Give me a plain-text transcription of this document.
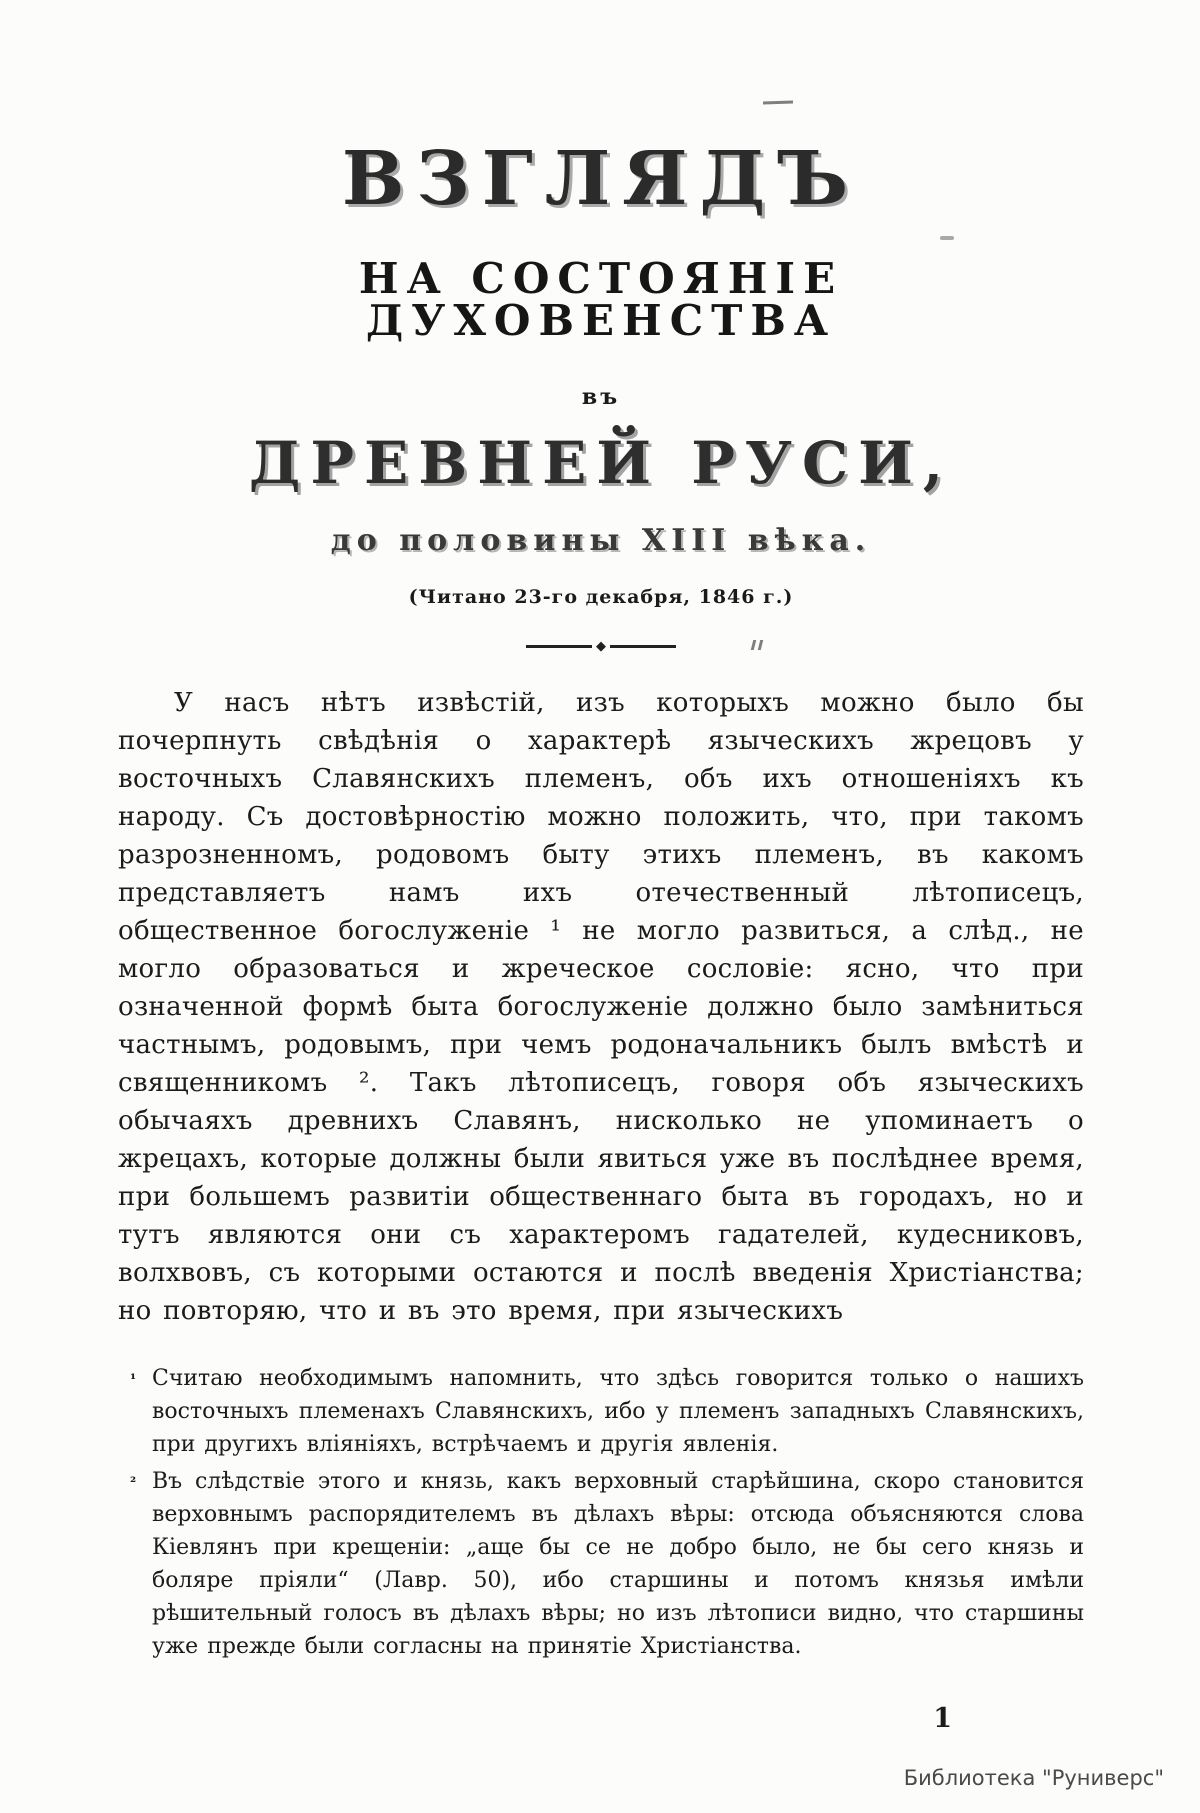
ВЗГЛЯДЪ
НА СОСТОЯНІЕ ДУХОВЕНСТВА
въ
ДРЕВНЕЙ РУСИ,
до половины XIII вѣка.
(Читано 23-го декабря, 1846 г.)
◆

У насъ нѣтъ извѣстій, изъ которыхъ можно было бы почерпнуть свѣдѣнія о характерѣ языческихъ жрецовъ у восточныхъ Славянскихъ племенъ, объ ихъ отношеніяхъ къ народу. Съ достовѣрностію можно положить, что, при такомъ разрозненномъ, родовомъ быту этихъ племенъ, въ какомъ представляетъ намъ ихъ отечественный лѣтописецъ, общественное богослуженіе ¹ не могло развиться, а слѣд., не могло образоваться и жреческое сословіе: ясно, что при означенной формѣ быта богослуженіе должно было замѣниться частнымъ, родовымъ, при чемъ родоначальникъ былъ вмѣстѣ и священникомъ ². Такъ лѣтописецъ, говоря объ языческихъ обычаяхъ древнихъ Славянъ, нисколько не упоминаетъ о жрецахъ, которые должны были явиться уже въ послѣднее время, при большемъ развитіи общественнаго быта въ городахъ, но и тутъ являются они съ характеромъ гадателей, кудесниковъ, волхвовъ, съ которыми остаются и послѣ введенія Христіанства; но повторяю, что и въ это время, при языческихъ

¹ Считаю необходимымъ напомнить, что здѣсь говорится только о нашихъ восточныхъ племенахъ Славянскихъ, ибо у племенъ западныхъ Славянскихъ, при другихъ вліяніяхъ, встрѣчаемъ и другія явленія.
² Въ слѣдствіе этого и князь, какъ верховный старѣйшина, скоро становится верховнымъ распорядителемъ въ дѣлахъ вѣры: отсюда объясняются слова Кіевлянъ при крещеніи: „аще бы се не добро было, не бы сего князь и боляре пріяли“ (Лавр. 50), ибо старшины и потомъ князья имѣли рѣшительный голосъ въ дѣлахъ вѣры; но изъ лѣтописи видно, что старшины уже прежде были согласны на принятіе Христіанства.
1
Библиотека "Руниверс"
